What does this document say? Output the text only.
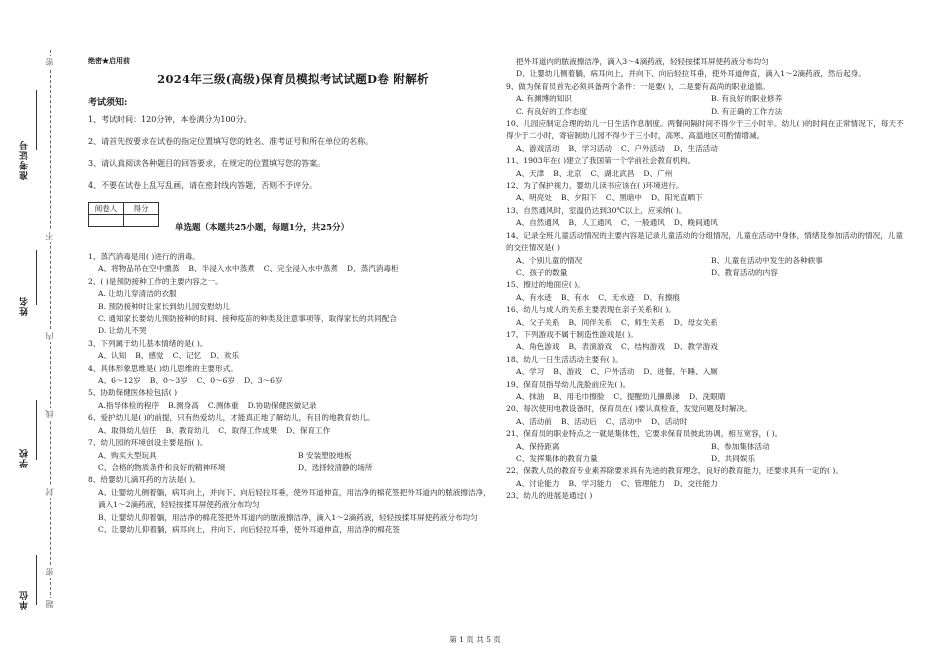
准考证号
姓名
学校
单位
密
不
内
线
封
密
题
绝密★启用前
2024年三级(高级)保育员模拟考试试题D卷 附解析
考试须知:
1、考试时间：120分钟，本卷满分为100分。
2、请首先按要求在试卷的指定位置填写您的姓名、准考证号和所在单位的名称。
3、请认真阅读各种题目的回答要求，在规定的位置填写您的答案。
4、不要在试卷上乱写乱画，请在密封线内答题，否则不予评分。
阅卷人	得分

单选题（本题共25小题，每题1分，共25分）
1、蒸汽消毒是用( )进行的消毒。
A、将物品吊在空中熏蒸 B、半浸入水中蒸煮 C、完全浸入水中蒸煮 D、蒸汽消毒柜
2、( )是预防接种工作的主要内容之一。
A. 让幼儿穿清洁的衣服
B. 预防接种时让家长到幼儿园安慰幼儿
C. 通知家长要幼儿预防接种的时间、接种疫苗的种类及注意事项等，取得家长的共同配合
D. 让幼儿不哭
3、下列属于幼儿基本情绪的是( )。
A、认知 B、感觉 C、记忆 D、欢乐
4、具体形象思维是( )幼儿思维的主要形式。
A、6～12岁 B、0～3岁 C、0～6岁 D、3～6岁
5、协助保健医体检包括( )
A.指导体检的程序 B.测身高 C.测体重 D.协助保健医做记录
6、爱护幼儿是( )的前提，只有热爱幼儿，才能真正地了解幼儿，有目的地教育幼儿。
A、取得幼儿信任 B、教育幼儿 C、取得工作成果 D、保育工作
7、幼儿园的环境创设主要是指( )。
A、购买大型玩具	B 安装塑胶地板
C、合格的物质条件和良好的精神环境	D、选择较清静的场所
8、给婴幼儿滴耳药的方法是( )。
A、让婴幼儿侧着躺，病耳向上，并向下、向后轻拉耳垂，使外耳道伸直，用洁净的棉花签把外耳道内的脓液擦洁净，滴入1～2滴药液，轻轻按揉耳屏使药液分布均匀
B、让婴幼儿仰着躺，用洁净的棉花签把外耳道内的脓液擦洁净，滴入1～2滴药液，轻轻按揉耳屏使药液分布均匀
C、让婴幼儿仰着躺，病耳向上，并向下、向后轻拉耳垂，使外耳道伸直，用洁净的棉花签
把外耳道内的脓液擦洁净，滴入3～4滴药液，轻轻按揉耳屏使药液分布均匀
D、让婴幼儿侧着躺，病耳向上，并向下、向后轻拉耳垂，使外耳道伸直，滴入1～2滴药液，然后起身。
9、做为保育员首先必须具备两个条件：一是要( )，二是要有高尚的职业道德。
A. 有渊博的知识	B. 有良好的职业修养
C. 有良好的工作态度	D. 有正确的工作方法
10、儿园应制定合理的幼儿一日生活作息制度。两餐间隔时间不得少于三小时半。幼儿( )的时间在正常情况下，每天不得少于二小时，寄宿制幼儿园不得少于三小时，高寒、高温地区可酌情增减。
A、游戏活动 B、学习活动 C、户外活动 D、生活活动
11、1903年在( )建立了我国第一个学前社会教育机构。
A、天津 B、北京 C、湖北武昌 D、广州
12、为了保护视力，婴幼儿读书应该在( )环境进行。
A、明亮处 B、夕阳下 C、黑暗中 D、阳光直晒下
13、自然通风时，室温仍达到30℃以上，应采纳( )。
A、自然通风 B、人工通风 C、一般通风 D、晚间通风
14、记录全班儿童活动情况的主要内容是记录儿童活动的分组情况，儿童在活动中身体，情绪及参加活动的情况，儿童的交往情况是( )
A、个别儿童的情况	B、儿童在活动中发生的各种轶事
C、孩子的数量	D、教育活动的内容
15、擦过的地面应( )。
A、有水迹 B、有水 C、无水迹 D、有擦痕
16、幼儿与成人的关系主要表现在亲子关系和( )。
A、父子关系 B、同伴关系 C、师生关系 D、母女关系
17、下列游戏不属于制造性游戏是( )。
A、角色游戏 B、表演游戏 C、结构游戏 D、教学游戏
18、幼儿一日生活活动主要有( )。
A、学习 B、游戏 C、户外活动 D、进餐、午睡、入厕
19、保育员指导幼儿洗脸前应先( )。
A、抹油 B、用毛巾擦脸 C、提醒幼儿擤鼻涕 D、洗眼睛
20、每次使用电教设备时，保育员在( )要认真检查，发觉问题及时解决。
A、活动前 B、活动后 C、活动中 D、活动时
21、保育员的职业特点之一就是集体性，它要求保育员彼此协调，相互宽容，( )。
A、保持距离	B、参加集体活动
C、发挥集体的教育力量	D、共同娱乐
22、保教人员的教育专业素养除要求具有先进的教育理念，良好的教育能力，还要求具有一定的( )。
A、讨论能力 B、学习能力 C、管理能力 D、交往能力
23、幼儿的进展是通过( )
第 1 页 共 5 页
